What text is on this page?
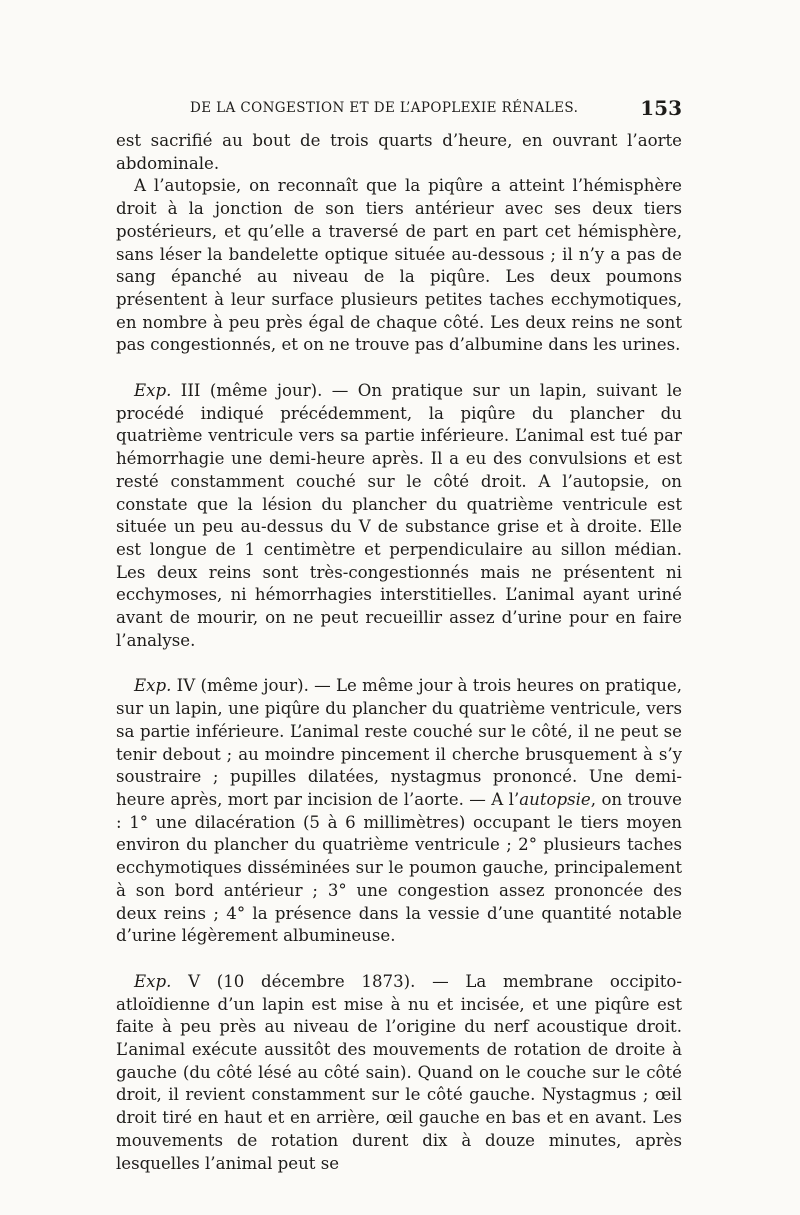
DE LA CONGESTION ET DE L’APOPLEXIE RÉNALES.	153

est sacrifié au bout de trois quarts d’heure, en ouvrant l’aorte abdominale.

A l’autopsie, on reconnaît que la piqûre a atteint l’hémisphère droit à la jonction de son tiers antérieur avec ses deux tiers postérieurs, et qu’elle a traversé de part en part cet hémisphère, sans léser la bandelette optique située au-dessous ; il n’y a pas de sang épanché au niveau de la piqûre. Les deux poumons présentent à leur surface plusieurs petites taches ecchymotiques, en nombre à peu près égal de chaque côté. Les deux reins ne sont pas congestionnés, et on ne trouve pas d’albumine dans les urines.

Exp. III (même jour). — On pratique sur un lapin, suivant le procédé indiqué précédemment, la piqûre du plancher du quatrième ventricule vers sa partie inférieure. L’animal est tué par hémorrhagie une demi-heure après. Il a eu des convulsions et est resté constamment couché sur le côté droit. A l’autopsie, on constate que la lésion du plancher du quatrième ventricule est située un peu au-dessus du V de substance grise et à droite. Elle est longue de 1 centimètre et perpendiculaire au sillon médian. Les deux reins sont très-congestionnés mais ne présentent ni ecchymoses, ni hémorrhagies interstitielles. L’animal ayant uriné avant de mourir, on ne peut recueillir assez d’urine pour en faire l’analyse.

Exp. IV (même jour). — Le même jour à trois heures on pratique, sur un lapin, une piqûre du plancher du quatrième ventricule, vers sa partie inférieure. L’animal reste couché sur le côté, il ne peut se tenir debout ; au moindre pincement il cherche brusquement à s’y soustraire ; pupilles dilatées, nystagmus prononcé. Une demi-heure après, mort par incision de l’aorte. — A l’autopsie, on trouve : 1° une dilacération (5 à 6 millimètres) occupant le tiers moyen environ du plancher du quatrième ventricule ; 2° plusieurs taches ecchymotiques disséminées sur le poumon gauche, principalement à son bord antérieur ; 3° une congestion assez prononcée des deux reins ; 4° la présence dans la vessie d’une quantité notable d’urine légèrement albumineuse.

Exp. V (10 décembre 1873). — La membrane occipito-atloïdienne d’un lapin est mise à nu et incisée, et une piqûre est faite à peu près au niveau de l’origine du nerf acoustique droit. L’animal exécute aussitôt des mouvements de rotation de droite à gauche (du côté lésé au côté sain). Quand on le couche sur le côté droit, il revient constamment sur le côté gauche. Nystagmus ; œil droit tiré en haut et en arrière, œil gauche en bas et en avant. Les mouvements de rotation durent dix à douze minutes, après lesquelles l’animal peut se
